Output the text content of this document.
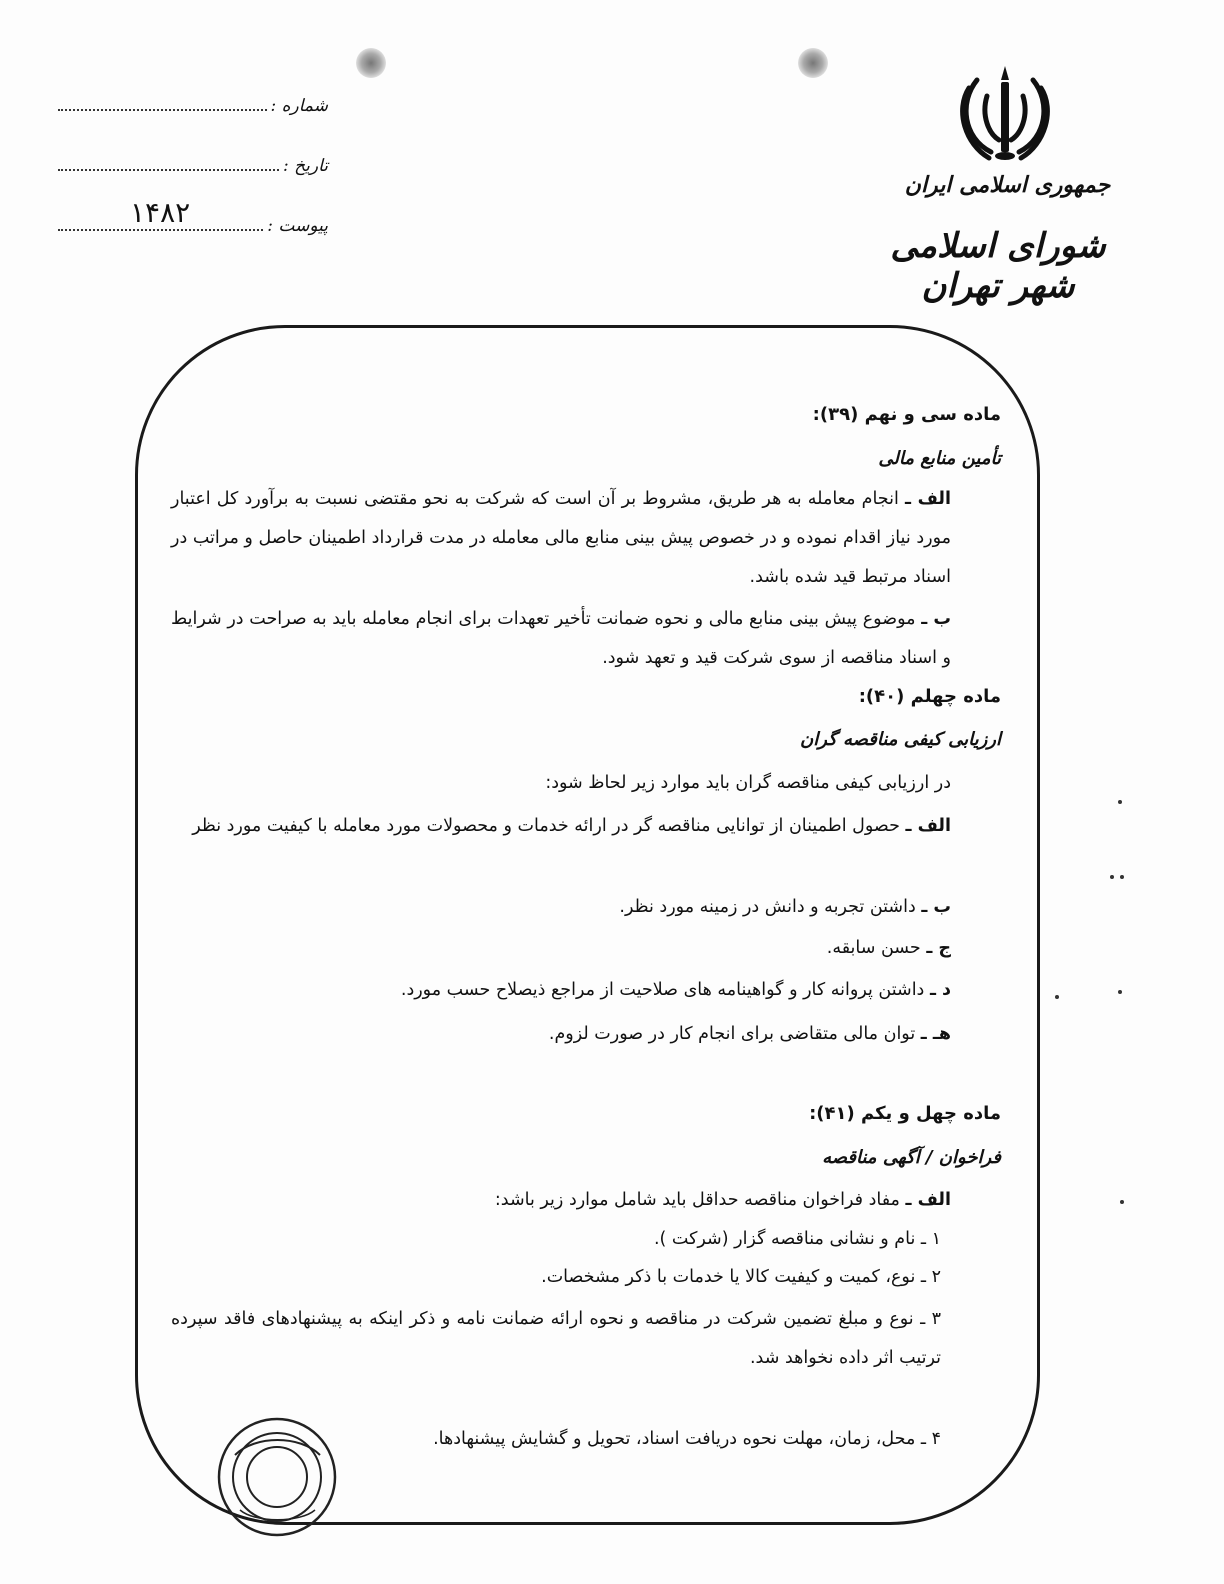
شماره :
تاریخ :
پیوست :
۱۴۸۲
جمهوری اسلامی ایران
شورای اسلامی شهر تهران
ماده سی و نهم (۳۹):
تأمین منابع مالی
الف ـ انجام معامله به هر طریق، مشروط بر آن است که شرکت به نحو مقتضی نسبت به برآورد کل اعتبار مورد نیاز اقدام نموده و در خصوص پیش بینی منابع مالی معامله در مدت قرارداد اطمینان حاصل و مراتب در اسناد مرتبط قید شده باشد.
ب ـ موضوع پیش بینی منابع مالی و نحوه ضمانت تأخیر تعهدات برای انجام معامله باید به صراحت در شرایط و اسناد مناقصه از سوی شرکت قید و تعهد شود.
ماده چهلم (۴۰):
ارزیابی کیفی مناقصه گران
در ارزیابی کیفی مناقصه گران باید موارد زیر لحاظ شود:
الف ـ حصول اطمینان از توانایی مناقصه گر در ارائه خدمات و محصولات مورد معامله با کیفیت مورد نظر
ب ـ داشتن تجربه و دانش در زمینه مورد نظر.
ج ـ حسن سابقه.
د ـ داشتن پروانه کار و گواهینامه های صلاحیت از مراجع ذیصلاح حسب مورد.
هـ ـ توان مالی متقاضی برای انجام کار در صورت لزوم.
ماده چهل و یکم (۴۱):
فراخوان / آگهی مناقصه
الف ـ مفاد فراخوان مناقصه حداقل باید شامل موارد زیر باشد:
۱ ـ نام و نشانی مناقصه گزار (شرکت ).
۲ ـ نوع، کمیت و کیفیت کالا یا خدمات با ذکر مشخصات.
۳ ـ نوع و مبلغ تضمین شرکت در مناقصه و نحوه ارائه ضمانت نامه و ذکر اینکه به پیشنهادهای فاقد سپرده ترتیب اثر داده نخواهد شد.
۴ ـ محل، زمان، مهلت نحوه دریافت اسناد، تحویل و گشایش پیشنهادها.
